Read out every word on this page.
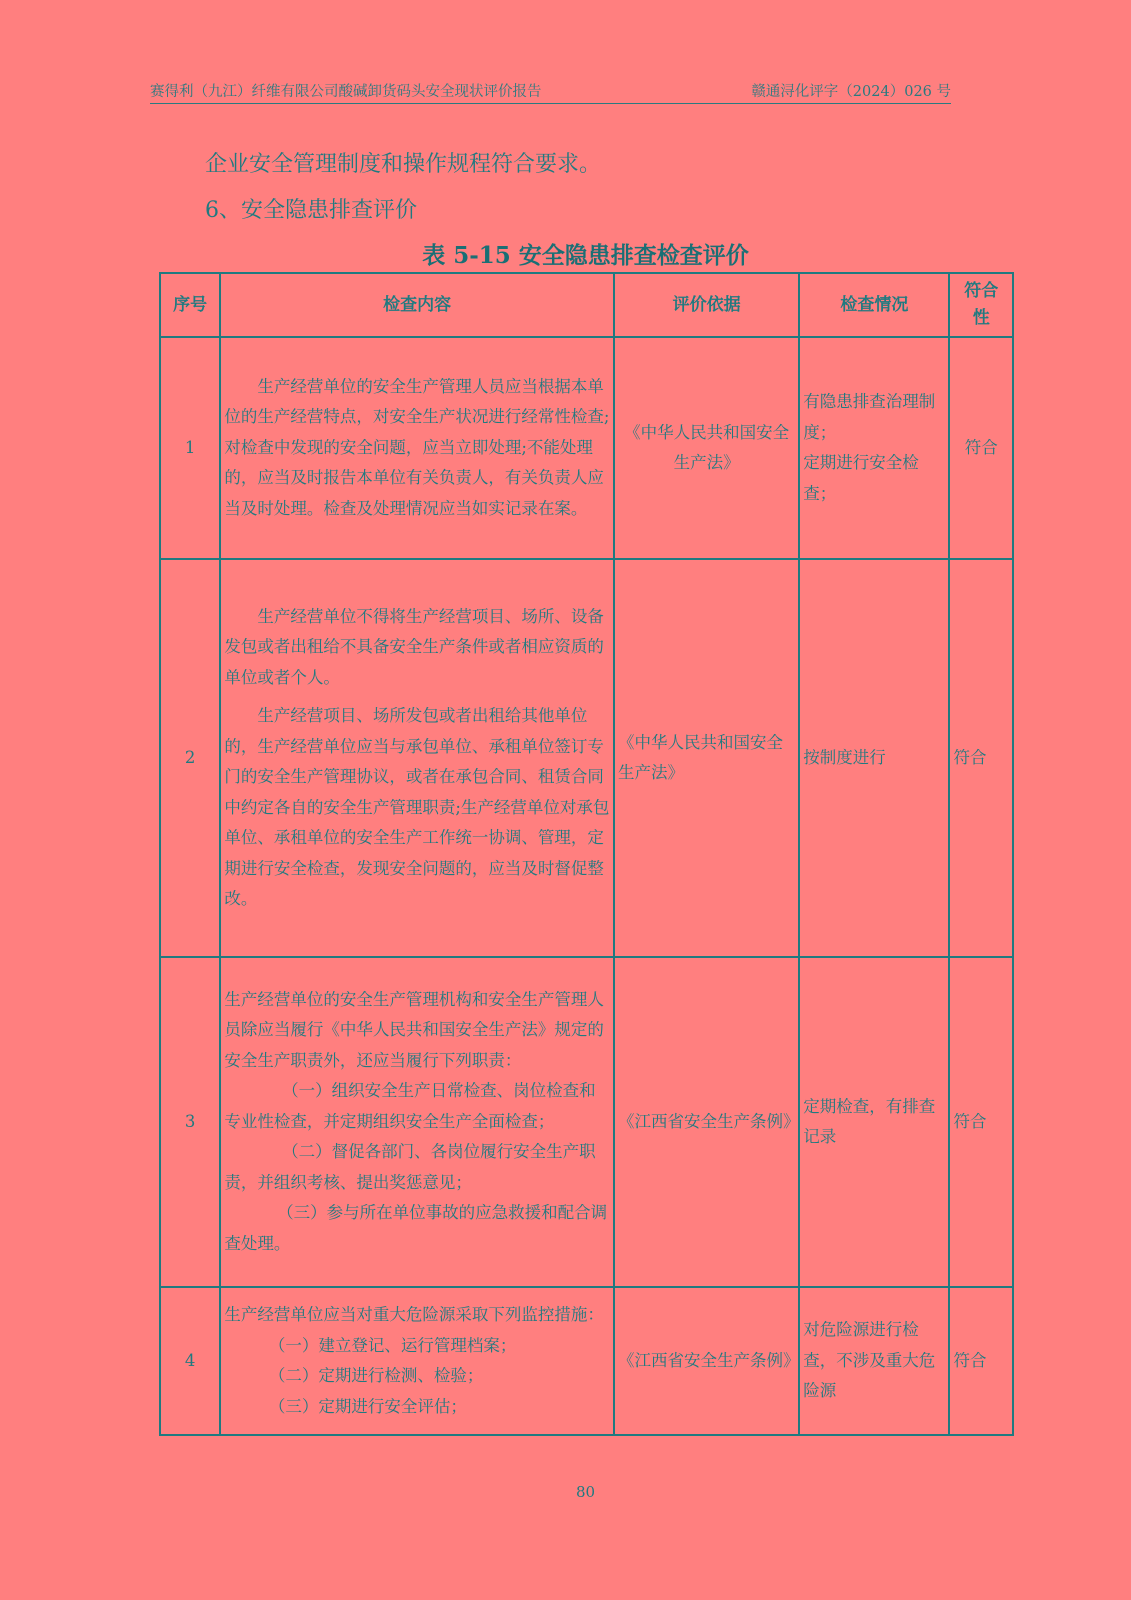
赛得利（九江）纤维有限公司酸碱卸货码头安全现状评价报告	赣通浔化评字（2024）026 号
企业安全管理制度和操作规程符合要求。
6、安全隐患排查评价
表 5-15 安全隐患排查检查评价
序号	检查内容	评价依据	检查情况	符合
性
1	生产经营单位的安全生产管理人员应当根据本单位的生产经营特点，对安全生产状况进行经常性检查;对检查中发现的安全问题，应当立即处理;不能处理的，应当及时报告本单位有关负责人，有关负责人应当及时处理。检查及处理情况应当如实记录在案。	《中华人民共和国安全生产法》	有隐患排查治理制度；
定期进行安全检查；	符合
2	生产经营单位不得将生产经营项目、场所、设备发包或者出租给不具备安全生产条件或者相应资质的单位或者个人。
生产经营项目、场所发包或者出租给其他单位的，生产经营单位应当与承包单位、承租单位签订专门的安全生产管理协议，或者在承包合同、租赁合同中约定各自的安全生产管理职责;生产经营单位对承包单位、承租单位的安全生产工作统一协调、管理，定期进行安全检查，发现安全问题的，应当及时督促整改。	《中华人民共和国安全生产法》	按制度进行	符合
3	生产经营单位的安全生产管理机构和安全生产管理人员除应当履行《中华人民共和国安全生产法》规定的安全生产职责外，还应当履行下列职责：
（一）组织安全生产日常检查、岗位检查和专业性检查，并定期组织安全生产全面检查；
（二）督促各部门、各岗位履行安全生产职责，并组织考核、提出奖惩意见；
（三）参与所在单位事故的应急救援和配合调查处理。	《江西省安全生产条例》	定期检查，有排查记录	符合
4	生产经营单位应当对重大危险源采取下列监控措施：
（一）建立登记、运行管理档案；
（二）定期进行检测、检验；
（三）定期进行安全评估；	《江西省安全生产条例》	对危险源进行检查，不涉及重大危险源	符合
80
